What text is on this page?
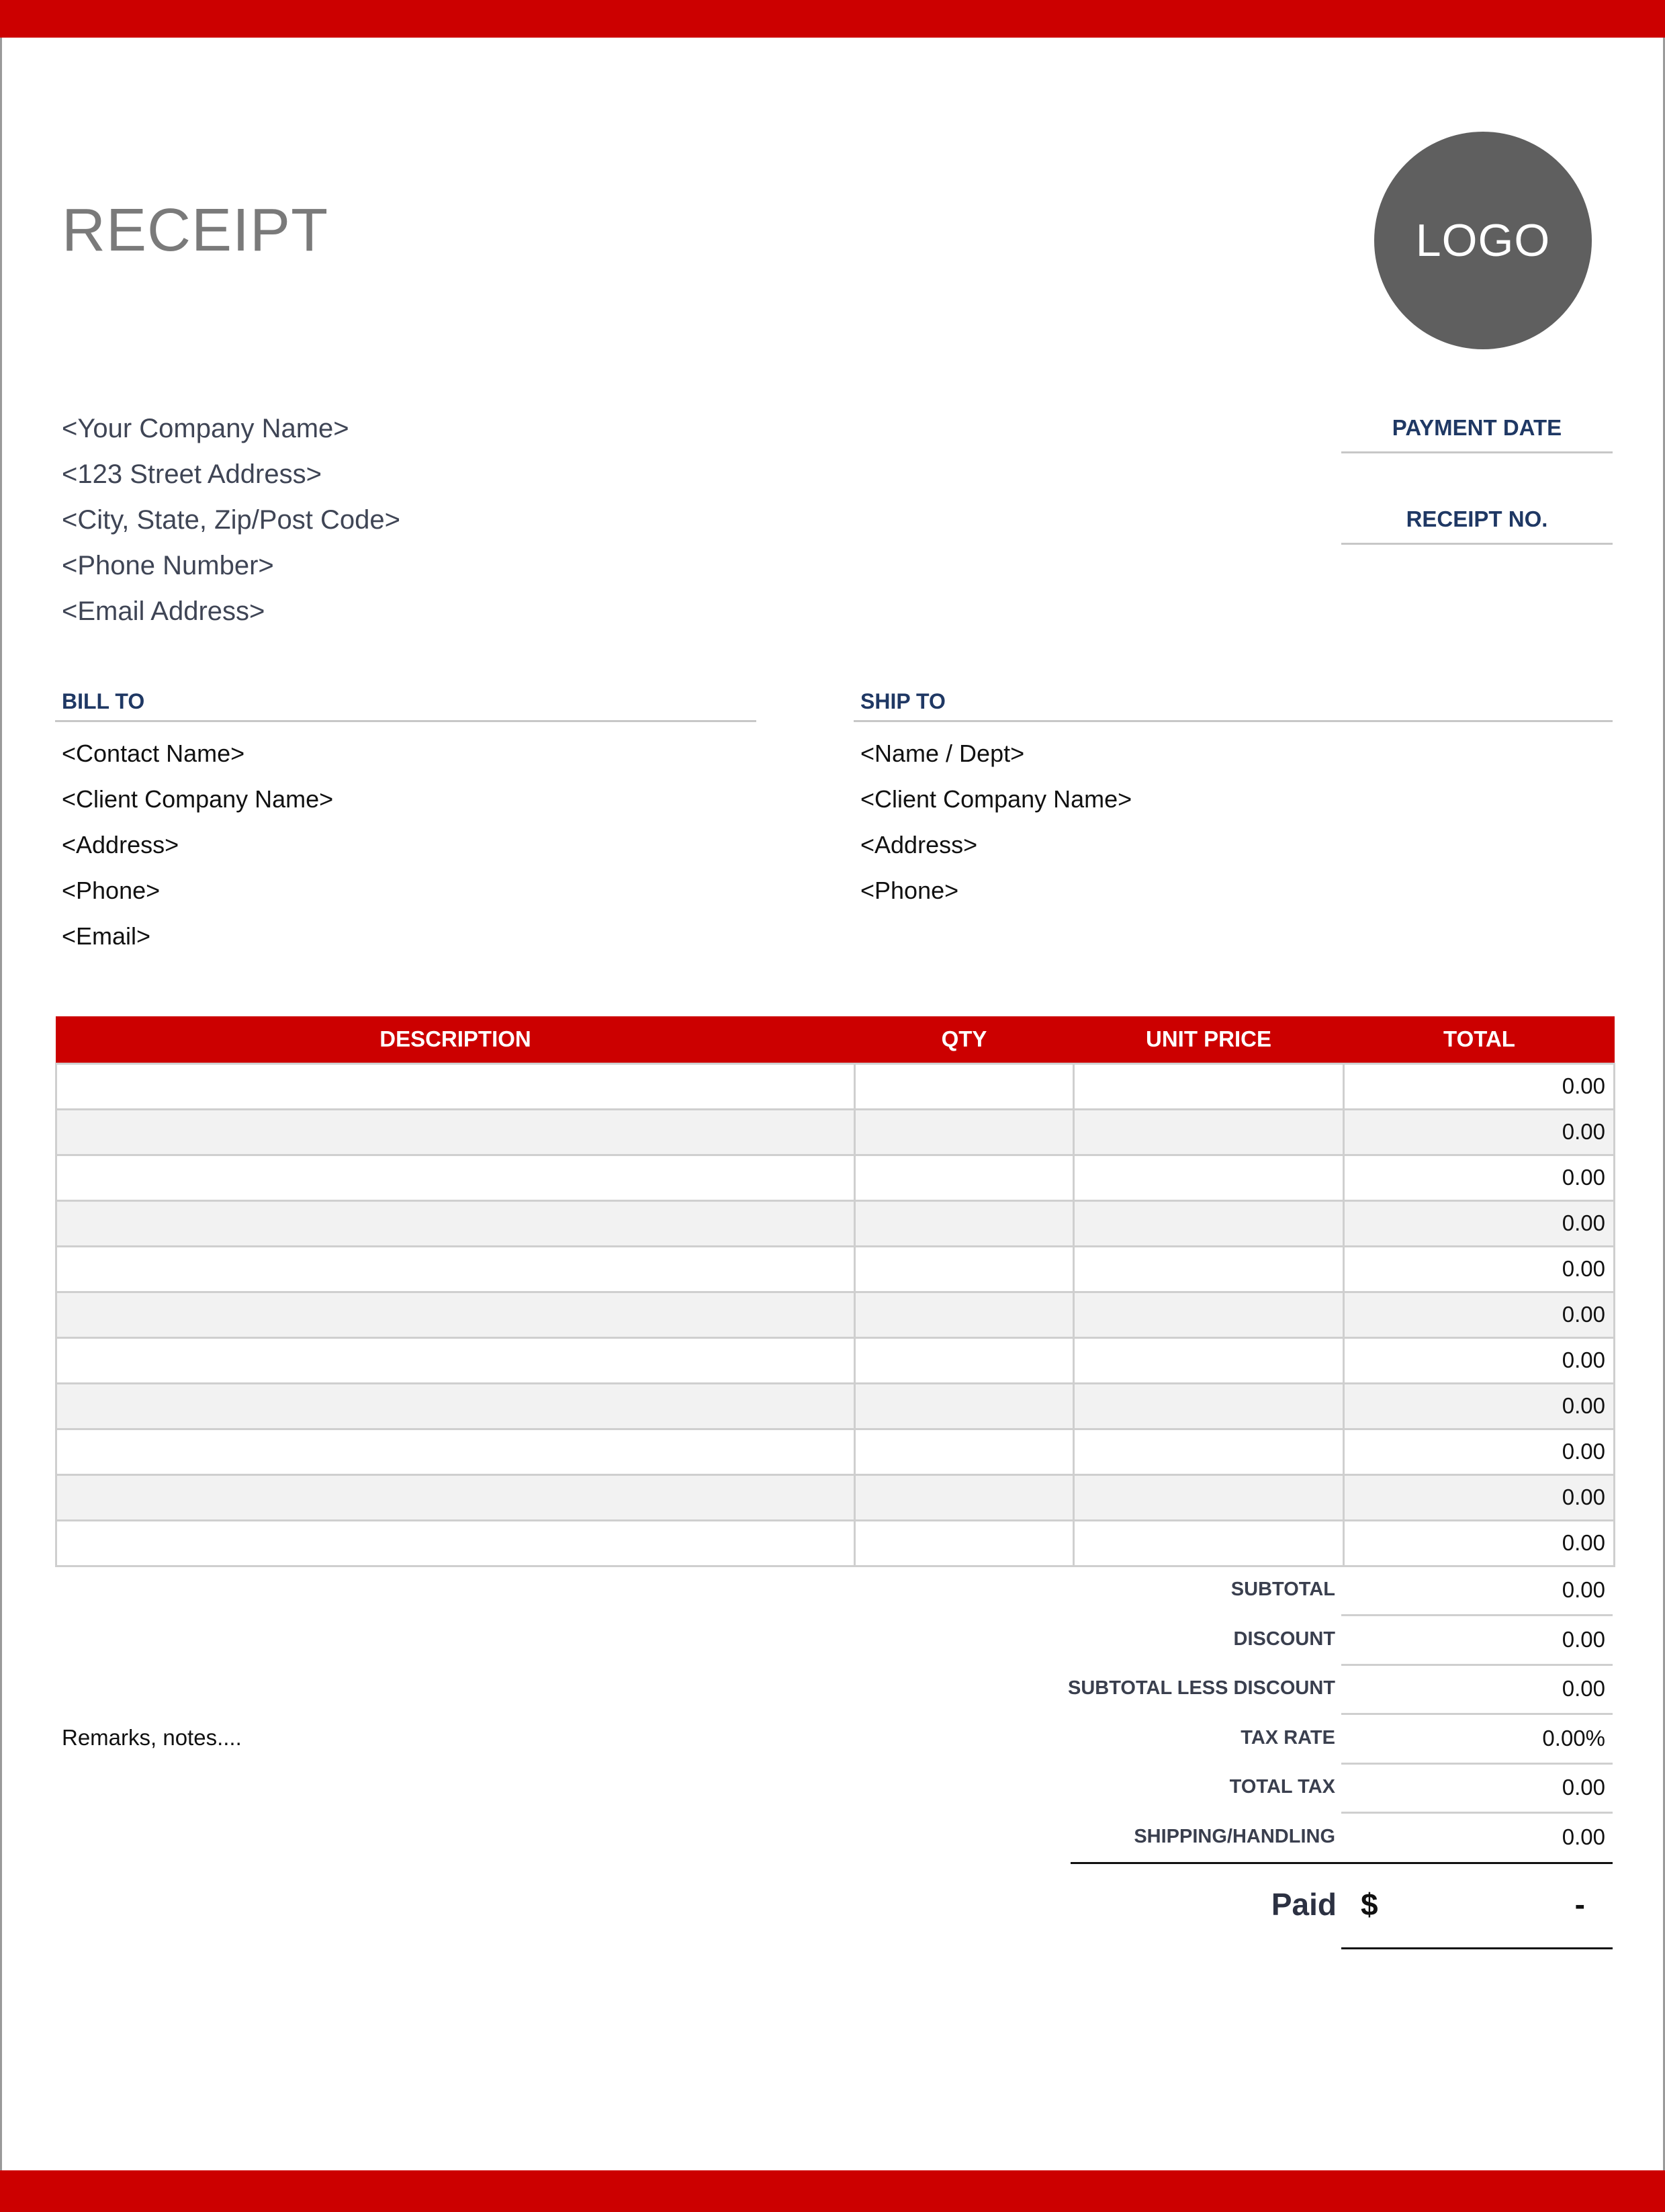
RECEIPT	LOGO
<Your Company Name>
<123 Street Address>
<City, State, Zip/Post Code>
<Phone Number>
<Email Address>
PAYMENT DATE
RECEIPT NO.
BILL TO
<Contact Name>
<Client Company Name>
<Address>
<Phone>
<Email>
SHIP TO
<Name / Dept>
<Client Company Name>
<Address>
<Phone>
DESCRIPTION	QTY	UNIT PRICE	TOTAL
			0.00
			0.00
			0.00
			0.00
			0.00
			0.00
			0.00
			0.00
			0.00
			0.00
			0.00
SUBTOTAL	0.00
DISCOUNT	0.00
SUBTOTAL LESS DISCOUNT	0.00
TAX RATE	0.00%
TOTAL TAX	0.00
SHIPPING/HANDLING	0.00
Remarks, notes....
Paid $	-
